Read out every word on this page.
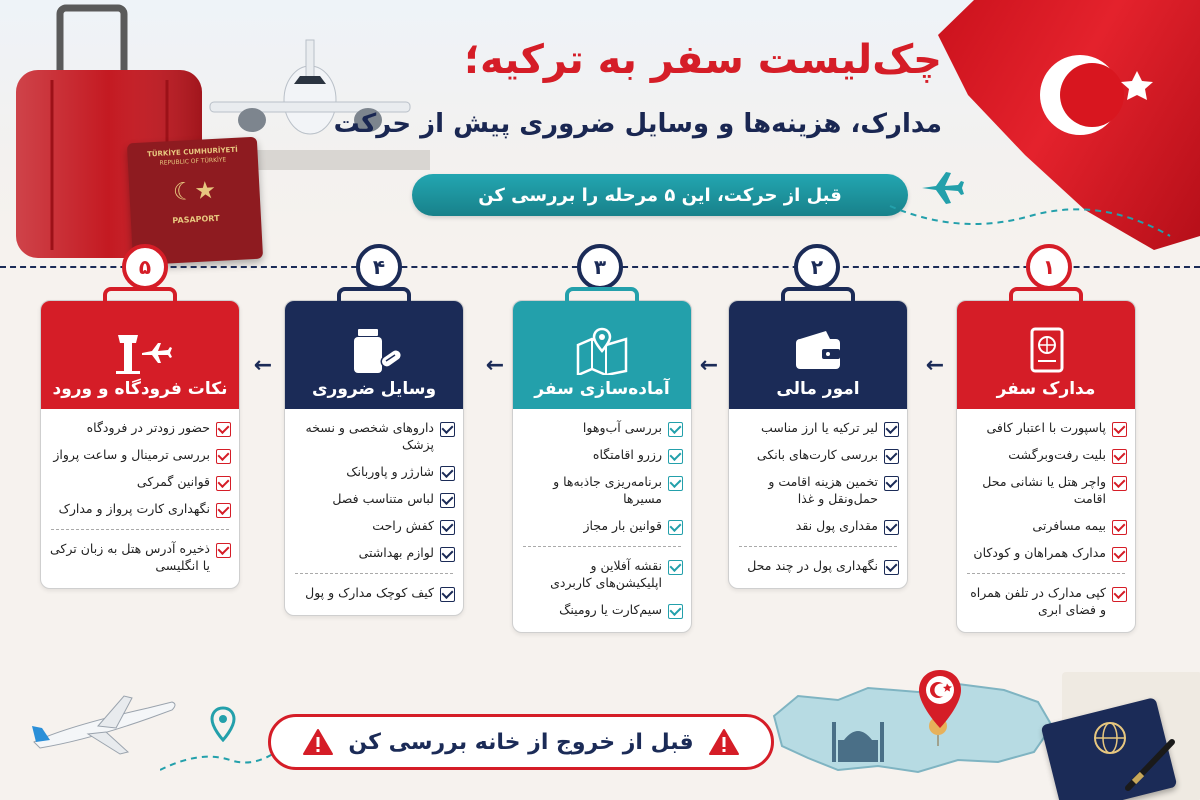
TÜRKİYE CUMHURİYETİ
REPUBLIC OF TÜRKİYE
☾★
PASAPORT
چک‌لیست سفر به ترکیه؛
مدارک، هزینه‌ها و وسایل ضروری پیش از حرکت
قبل از حرکت، این ۵ مرحله را بررسی کن
۱
۲
۳
۴
۵
مدارک سفر
پاسپورت با اعتبار کافی
بلیت رفت‌وبرگشت
واچر هتل یا نشانی محل اقامت
بیمه مسافرتی
مدارک همراهان و کودکان
کپی مدارک در تلفن همراه و فضای ابری
←
امور مالی
لیر ترکیه یا ارز مناسب
بررسی کارت‌های بانکی
تخمین هزینه اقامت و حمل‌ونقل و غذا
مقداری پول نقد
نگهداری پول در چند محل
←
آماده‌سازی سفر
بررسی آب‌وهوا
رزرو اقامتگاه
برنامه‌ریزی جاذبه‌ها و مسیرها
قوانین بار مجاز
نقشه آفلاین و اپلیکیشن‌های کاربردی
سیم‌کارت یا رومینگ
←
وسایل ضروری
داروهای شخصی و نسخه پزشک
شارژر و پاوربانک
لباس متناسب فصل
کفش راحت
لوازم بهداشتی
کیف کوچک مدارک و پول
←
نکات فرودگاه و ورود
حضور زودتر در فرودگاه
بررسی ترمینال و ساعت پرواز
قوانین گمرکی
نگهداری کارت پرواز و مدارک
ذخیره آدرس هتل به زبان ترکی یا انگلیسی
قبل از خروج از خانه بررسی کن
